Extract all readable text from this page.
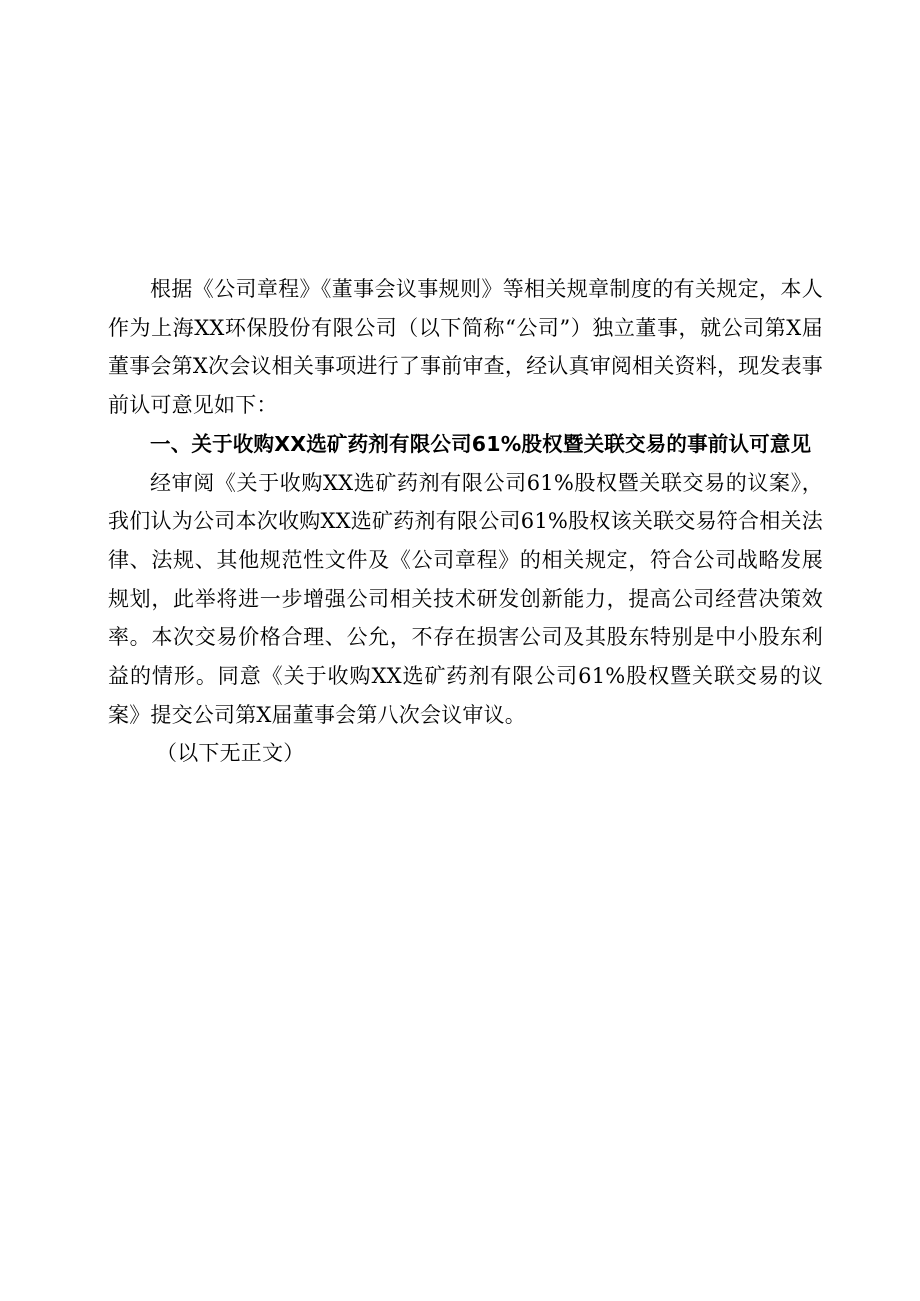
根据《公司章程》《董事会议事规则》等相关规章制度的有关规定，本人作为上海XX环保股份有限公司（以下简称“公司”）独立董事，就公司第X届董事会第X次会议相关事项进行了事前审查，经认真审阅相关资料，现发表事前认可意见如下：

一、关于收购XX选矿药剂有限公司61%股权暨关联交易的事前认可意见

经审阅《关于收购XX选矿药剂有限公司61%股权暨关联交易的议案》，我们认为公司本次收购XX选矿药剂有限公司61%股权该关联交易符合相关法律、法规、其他规范性文件及《公司章程》的相关规定，符合公司战略发展规划，此举将进一步增强公司相关技术研发创新能力，提高公司经营决策效率。本次交易价格合理、公允，不存在损害公司及其股东特别是中小股东利益的情形。同意《关于收购XX选矿药剂有限公司61%股权暨关联交易的议案》提交公司第X届董事会第八次会议审议。

（以下无正文）
